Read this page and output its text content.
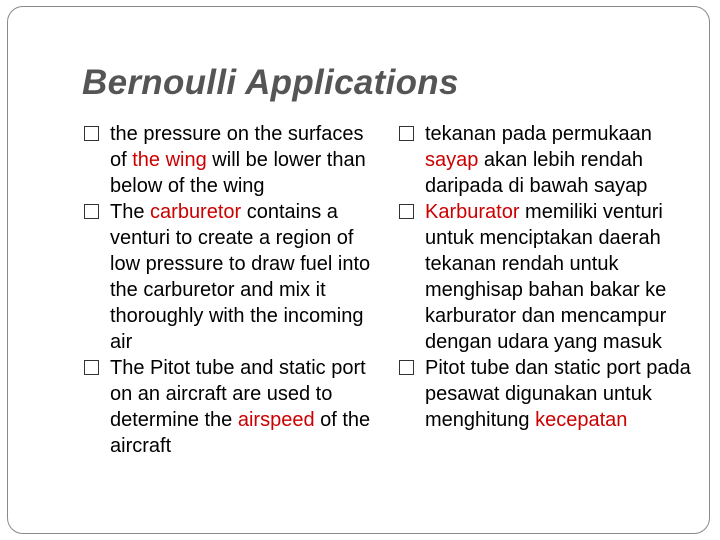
Bernoulli Applications
the pressure on the surfaces of the wing will be lower than below of the wing
The carburetor contains a venturi to create a region of low pressure to draw fuel into the carburetor and mix it thoroughly with the incoming air
The Pitot tube and static port on an aircraft are used to determine the airspeed of the aircraft
tekanan pada permukaan sayap akan lebih rendah daripada di bawah sayap
Karburator memiliki venturi untuk menciptakan daerah tekanan rendah untuk menghisap bahan bakar ke karburator dan mencampur dengan udara yang masuk
Pitot tube dan static port pada pesawat digunakan untuk menghitung kecepatan
